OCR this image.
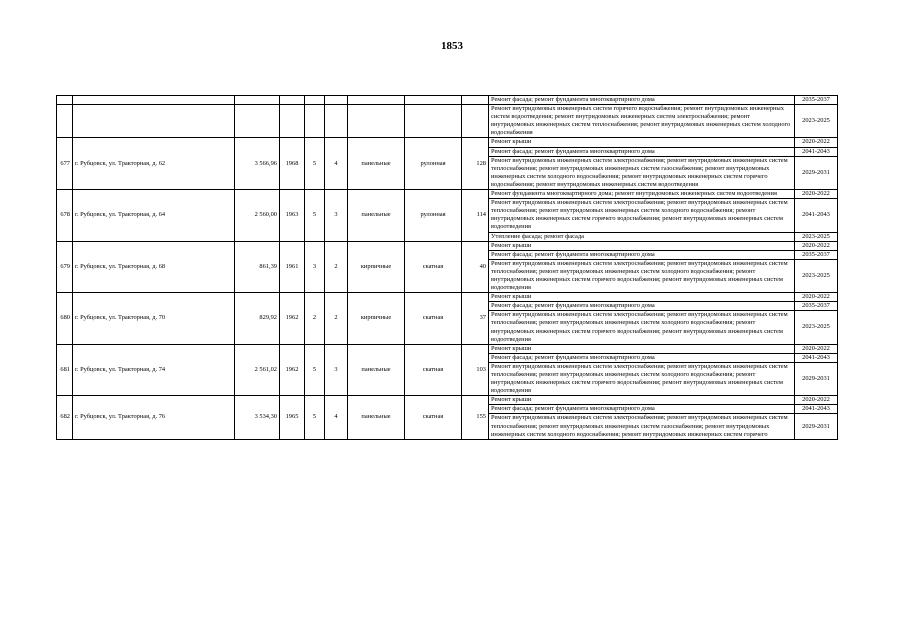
1853
									Ремонт фасада; ремонт фундамента многоквартирного дома	2035-2037
									Ремонт внутридомовых инженерных систем горячего водоснабжения; ремонт внутридомовых инженерных систем водоотведения; ремонт внутридомовых инженерных систем электроснабжения; ремонт внутридомовых инженерных систем теплоснабжения; ремонт внутридомовых инженерных систем холодного водоснабжения	2023-2025
677	г. Рубцовск, ул. Тракторная, д. 62	3 566,96	1968	5	4	панельные	рулонная	128	Ремонт крыши	2020-2022
									Ремонт фасада; ремонт фундамента многоквартирного дома	2041-2043
									Ремонт внутридомовых инженерных систем электроснабжения; ремонт внутридомовых инженерных систем теплоснабжения; ремонт внутридомовых инженерных систем газоснабжения; ремонт внутридомовых инженерных систем холодного водоснабжения; ремонт внутридомовых инженерных систем горячего водоснабжения; ремонт внутридомовых инженерных систем водоотведения	2029-2031
678	г. Рубцовск, ул. Тракторная, д. 64	2 560,00	1963	5	3	панельные	рулонная	114	Ремонт фундамента многоквартирного дома; ремонт внутридомовых инженерных систем водоотведения	2020-2022
									Ремонт внутридомовых инженерных систем электроснабжения; ремонт внутридомовых инженерных систем теплоснабжения; ремонт внутридомовых инженерных систем холодного водоснабжения; ремонт внутридомовых инженерных систем горячего водоснабжения; ремонт внутридомовых инженерных систем водоотведения	2041-2043
									Утепление фасада; ремонт фасада	2023-2025
679	г. Рубцовск, ул. Тракторная, д. 68	861,39	1961	3	2	кирпичные	скатная	40	Ремонт крыши	2020-2022
									Ремонт фасада; ремонт фундамента многоквартирного дома	2035-2037
									Ремонт внутридомовых инженерных систем электроснабжения; ремонт внутридомовых инженерных систем теплоснабжения; ремонт внутридомовых инженерных систем холодного водоснабжения; ремонт внутридомовых инженерных систем горячего водоснабжения; ремонт внутридомовых инженерных систем водоотведения	2023-2025
680	г. Рубцовск, ул. Тракторная, д. 70	829,92	1962	2	2	кирпичные	скатная	37	Ремонт крыши	2020-2022
									Ремонт фасада; ремонт фундамента многоквартирного дома	2035-2037
									Ремонт внутридомовых инженерных систем электроснабжения; ремонт внутридомовых инженерных систем теплоснабжения; ремонт внутридомовых инженерных систем холодного водоснабжения; ремонт внутридомовых инженерных систем горячего водоснабжения; ремонт внутридомовых инженерных систем водоотведения	2023-2025
681	г. Рубцовск, ул. Тракторная, д. 74	2 561,02	1962	5	3	панельные	скатная	103	Ремонт крыши	2020-2022
									Ремонт фасада; ремонт фундамента многоквартирного дома	2041-2043
									Ремонт внутридомовых инженерных систем электроснабжения; ремонт внутридомовых инженерных систем теплоснабжения; ремонт внутридомовых инженерных систем холодного водоснабжения; ремонт внутридомовых инженерных систем горячего водоснабжения; ремонт внутридомовых инженерных систем водоотведения	2029-2031
682	г. Рубцовск, ул. Тракторная, д. 76	3 534,30	1965	5	4	панельные	скатная	155	Ремонт крыши	2020-2022
									Ремонт фасада; ремонт фундамента многоквартирного дома	2041-2043
									Ремонт внутридомовых инженерных систем электроснабжения; ремонт внутридомовых инженерных систем теплоснабжения; ремонт внутридомовых инженерных систем газоснабжения; ремонт внутридомовых инженерных систем холодного водоснабжения; ремонт внутридомовых инженерных систем горячего	2029-2031
